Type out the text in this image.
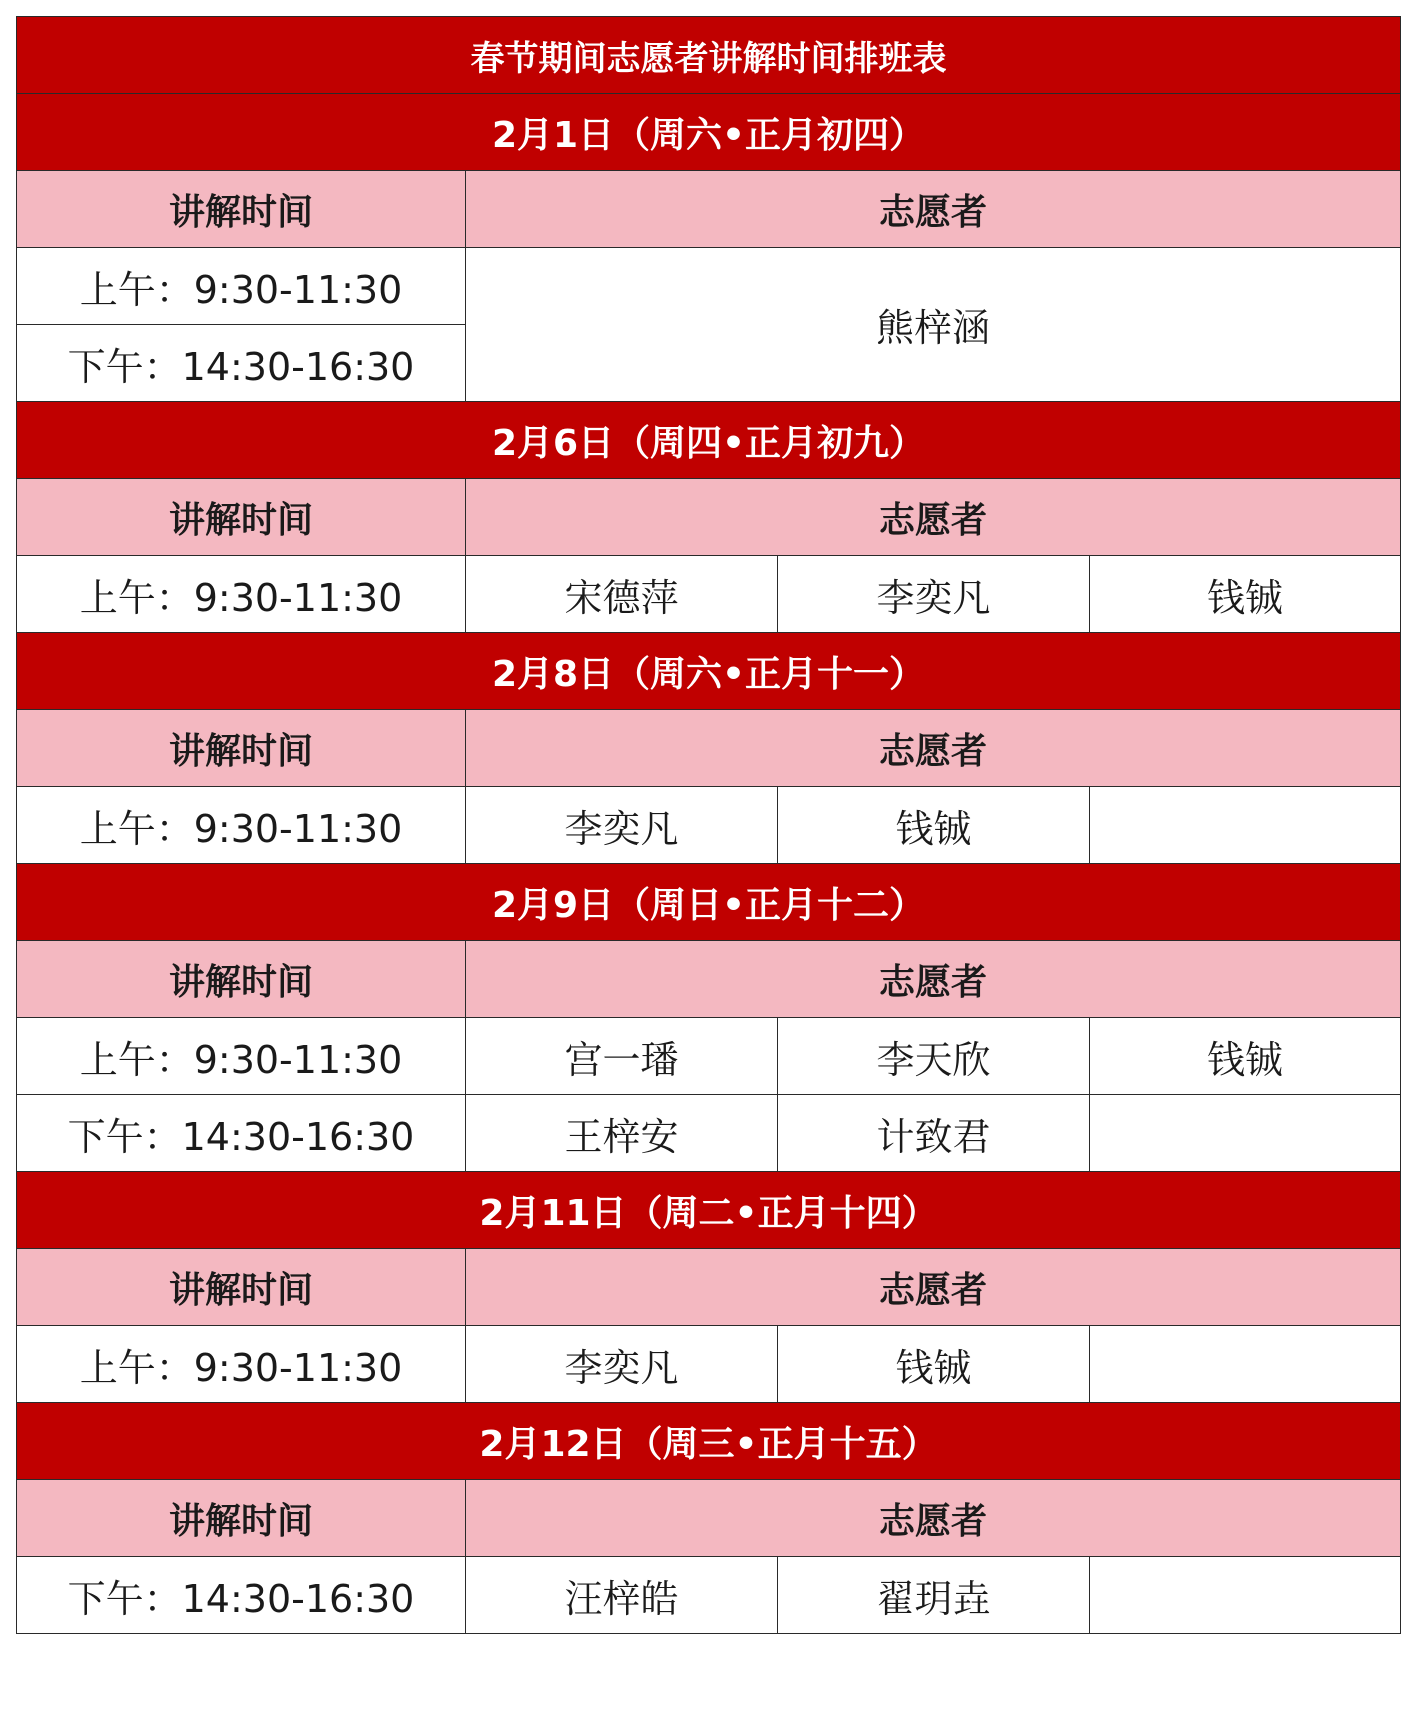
春节期间志愿者讲解时间排班表			
2月1日（周六•正月初四）			
讲解时间	志愿者		
上午：9:30-11:30	熊梓涵		
下午：14:30-16:30			
2月6日（周四•正月初九）			
讲解时间	志愿者		
上午：9:30-11:30	宋德萍	李奕凡	钱铖
2月8日（周六•正月十一）			
讲解时间	志愿者		
上午：9:30-11:30	李奕凡	钱铖	
2月9日（周日•正月十二）			
讲解时间	志愿者		
上午：9:30-11:30	宫一璠	李天欣	钱铖
下午：14:30-16:30	王梓安	计致君	
2月11日（周二•正月十四）			
讲解时间	志愿者		
上午：9:30-11:30	李奕凡	钱铖	
2月12日（周三•正月十五）			
讲解时间	志愿者		
下午：14:30-16:30	汪梓皓	翟玥垚	
